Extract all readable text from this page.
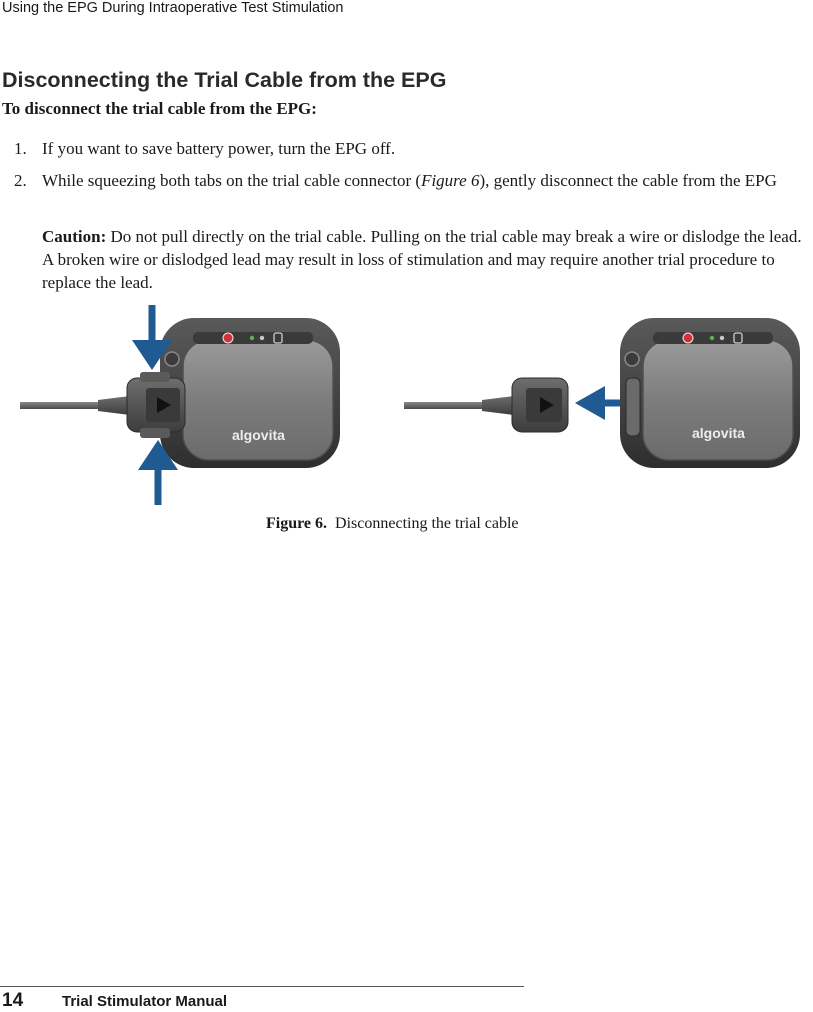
Using the EPG During Intraoperative Test Stimulation
Disconnecting the Trial Cable from the EPG
To disconnect the trial cable from the EPG:
1. If you want to save battery power, turn the EPG off.
2. While squeezing both tabs on the trial cable connector (Figure 6), gently disconnect the cable from the EPG
Caution: Do not pull directly on the trial cable. Pulling on the trial cable may break a wire or dislodge the lead. A broken wire or dislodged lead may result in loss of stimulation and may require another trial procedure to replace the lead.
algovita	algovita
Figure 6. Disconnecting the trial cable
14	Trial Stimulator Manual
